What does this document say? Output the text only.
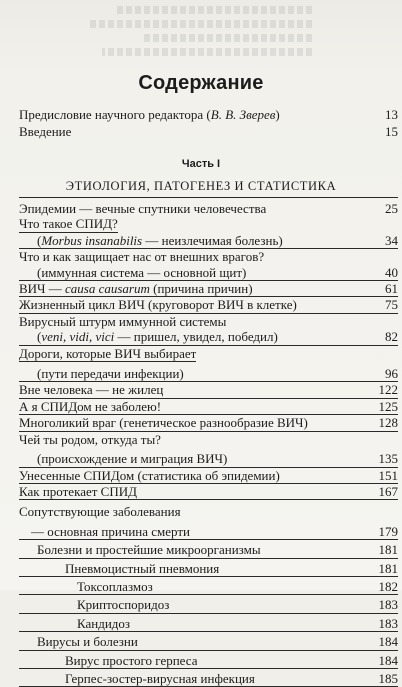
Содержание
Предисловие научного редактора (В. В. Зверев)	13
Введение	15
Часть I
ЭТИОЛОГИЯ, ПАТОГЕНЕЗ И СТАТИСТИКА
Эпидемии — вечные спутники человечества	25
Что такое СПИД?
(Morbus insanabilis — неизлечимая болезнь)	34
Что и как защищает нас от внешних врагов?
(иммунная система — основной щит)	40
ВИЧ — causa causarum (причина причин)	61
Жизненный цикл ВИЧ (круговорот ВИЧ в клетке)	75
Вирусный штурм иммунной системы
(veni, vidi, vici — пришел, увидел, победил)	82
Дороги, которые ВИЧ выбирает
(пути передачи инфекции)	96
Вне человека — не жилец	122
А я СПИДом не заболею!	125
Многоликий враг (генетическое разнообразие ВИЧ)	128
Чей ты родом, откуда ты?
(происхождение и миграция ВИЧ)	135
Унесенные СПИДом (статистика об эпидемии)	151
Как протекает СПИД	167
Сопутствующие заболевания
— основная причина смерти	179
Болезни и простейшие микроорганизмы	181
Пневмоцистный пневмония	181
Токсоплазмоз	182
Криптоспоридоз	183
Кандидоз	183
Вирусы и болезни	184
Вирус простого герпеса	184
Герпес-зостер-вирусная инфекция	185
